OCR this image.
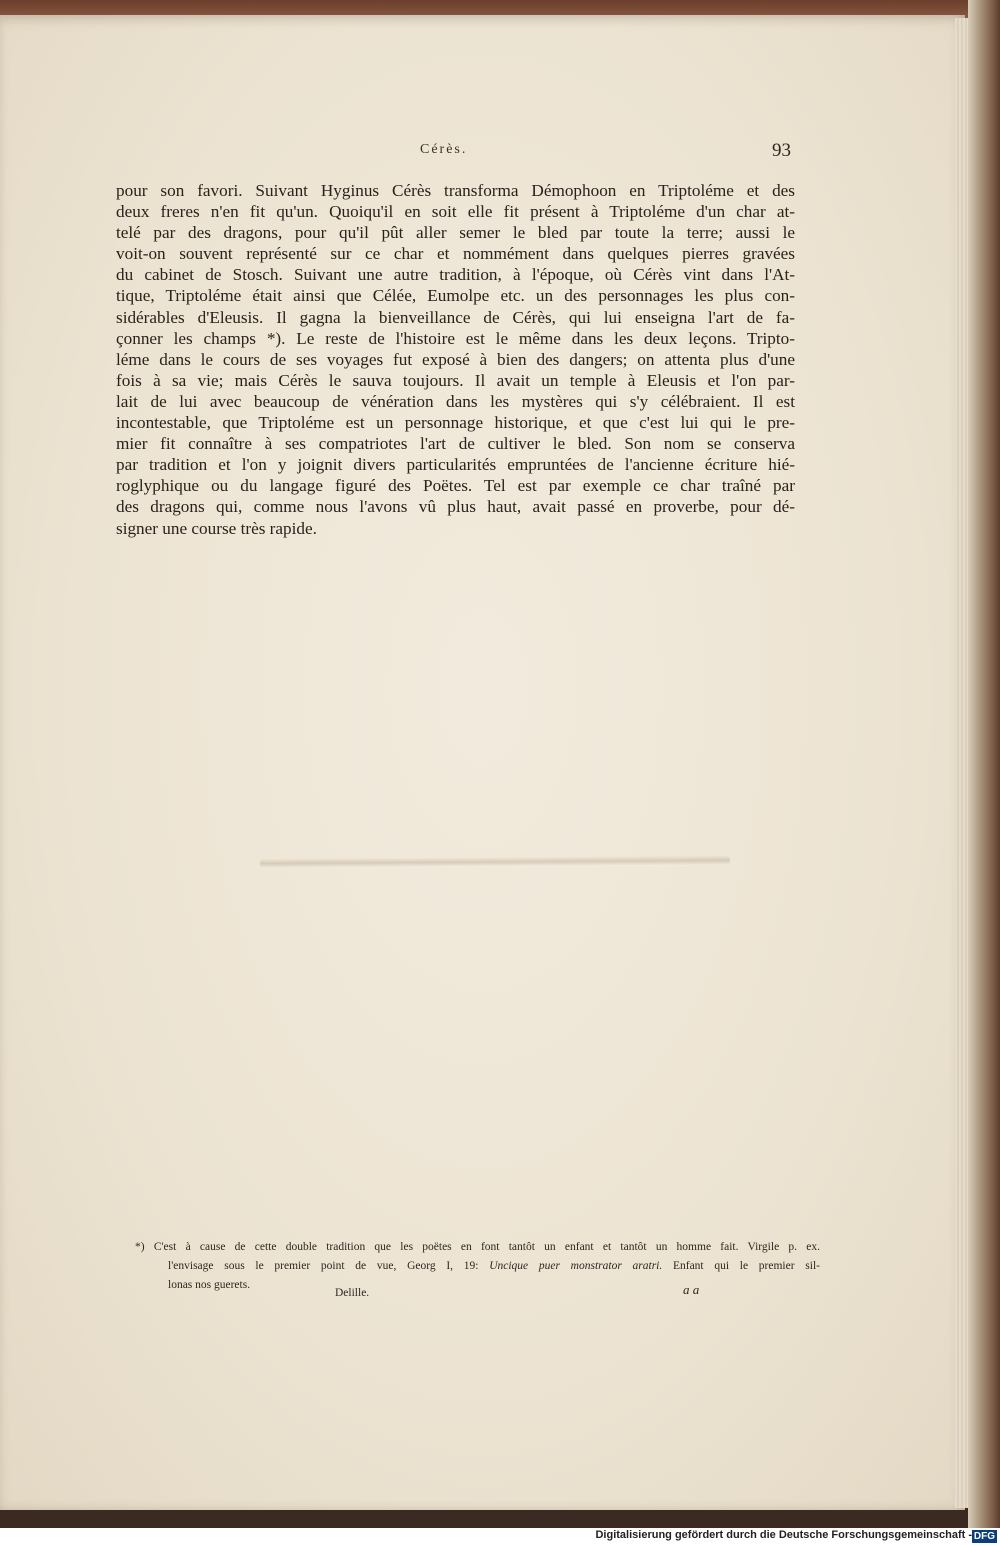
Cérès.	93
pour son favori. Suivant Hyginus Cérès transforma Démophoon en Triptoléme et des
deux freres n'en fit qu'un. Quoiqu'il en soit elle fit présent à Triptoléme d'un char at-
telé par des dragons, pour qu'il pût aller semer le bled par toute la terre; aussi le
voit-on souvent représenté sur ce char et nommément dans quelques pierres gravées
du cabinet de Stosch. Suivant une autre tradition, à l'époque, où Cérès vint dans l'At-
tique, Triptoléme était ainsi que Célée, Eumolpe etc. un des personnages les plus con-
sidérables d'Eleusis. Il gagna la bienveillance de Cérès, qui lui enseigna l'art de fa-
çonner les champs *). Le reste de l'histoire est le même dans les deux leçons. Tripto-
léme dans le cours de ses voyages fut exposé à bien des dangers; on attenta plus d'une
fois à sa vie; mais Cérès le sauva toujours. Il avait un temple à Eleusis et l'on par-
lait de lui avec beaucoup de vénération dans les mystères qui s'y célébraient. Il est
incontestable, que Triptoléme est un personnage historique, et que c'est lui qui le pre-
mier fit connaître à ses compatriotes l'art de cultiver le bled. Son nom se conserva
par tradition et l'on y joignit divers particularités empruntées de l'ancienne écriture hié-
roglyphique ou du langage figuré des Poëtes. Tel est par exemple ce char traîné par
des dragons qui, comme nous l'avons vû plus haut, avait passé en proverbe, pour dé-
signer une course très rapide.
*) C'est à cause de cette double tradition que les poëtes en font tantôt un enfant et tantôt un homme fait. Virgile p. ex.
l'envisage sous le premier point de vue, Georg I, 19: Uncique puer monstrator aratri. Enfant qui le premier sil-
lonas nos guerets.
Delille.	a a
Digitalisierung gefördert durch die Deutsche Forschungsgemeinschaft - DFG
